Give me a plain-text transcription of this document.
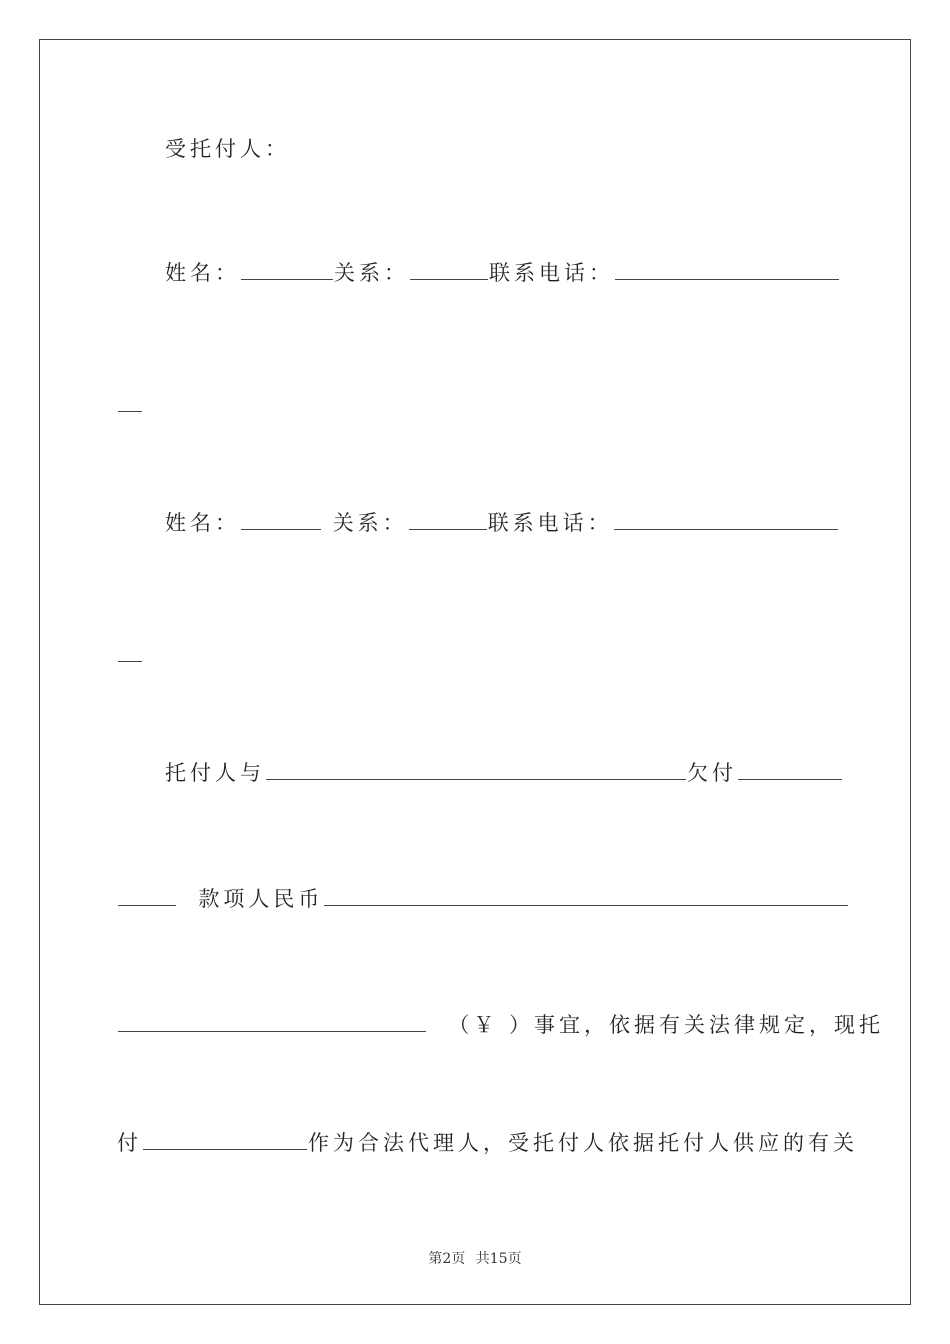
受托付人：
姓名：	关系：	联系电话：
姓名：	关系：	联系电话：
托付人与	欠付
款项人民币
（￥ ）事宜，依据有关法律规定，现托
付	作为合法代理人，受托付人依据托付人供应的有关
第2页 共15页
